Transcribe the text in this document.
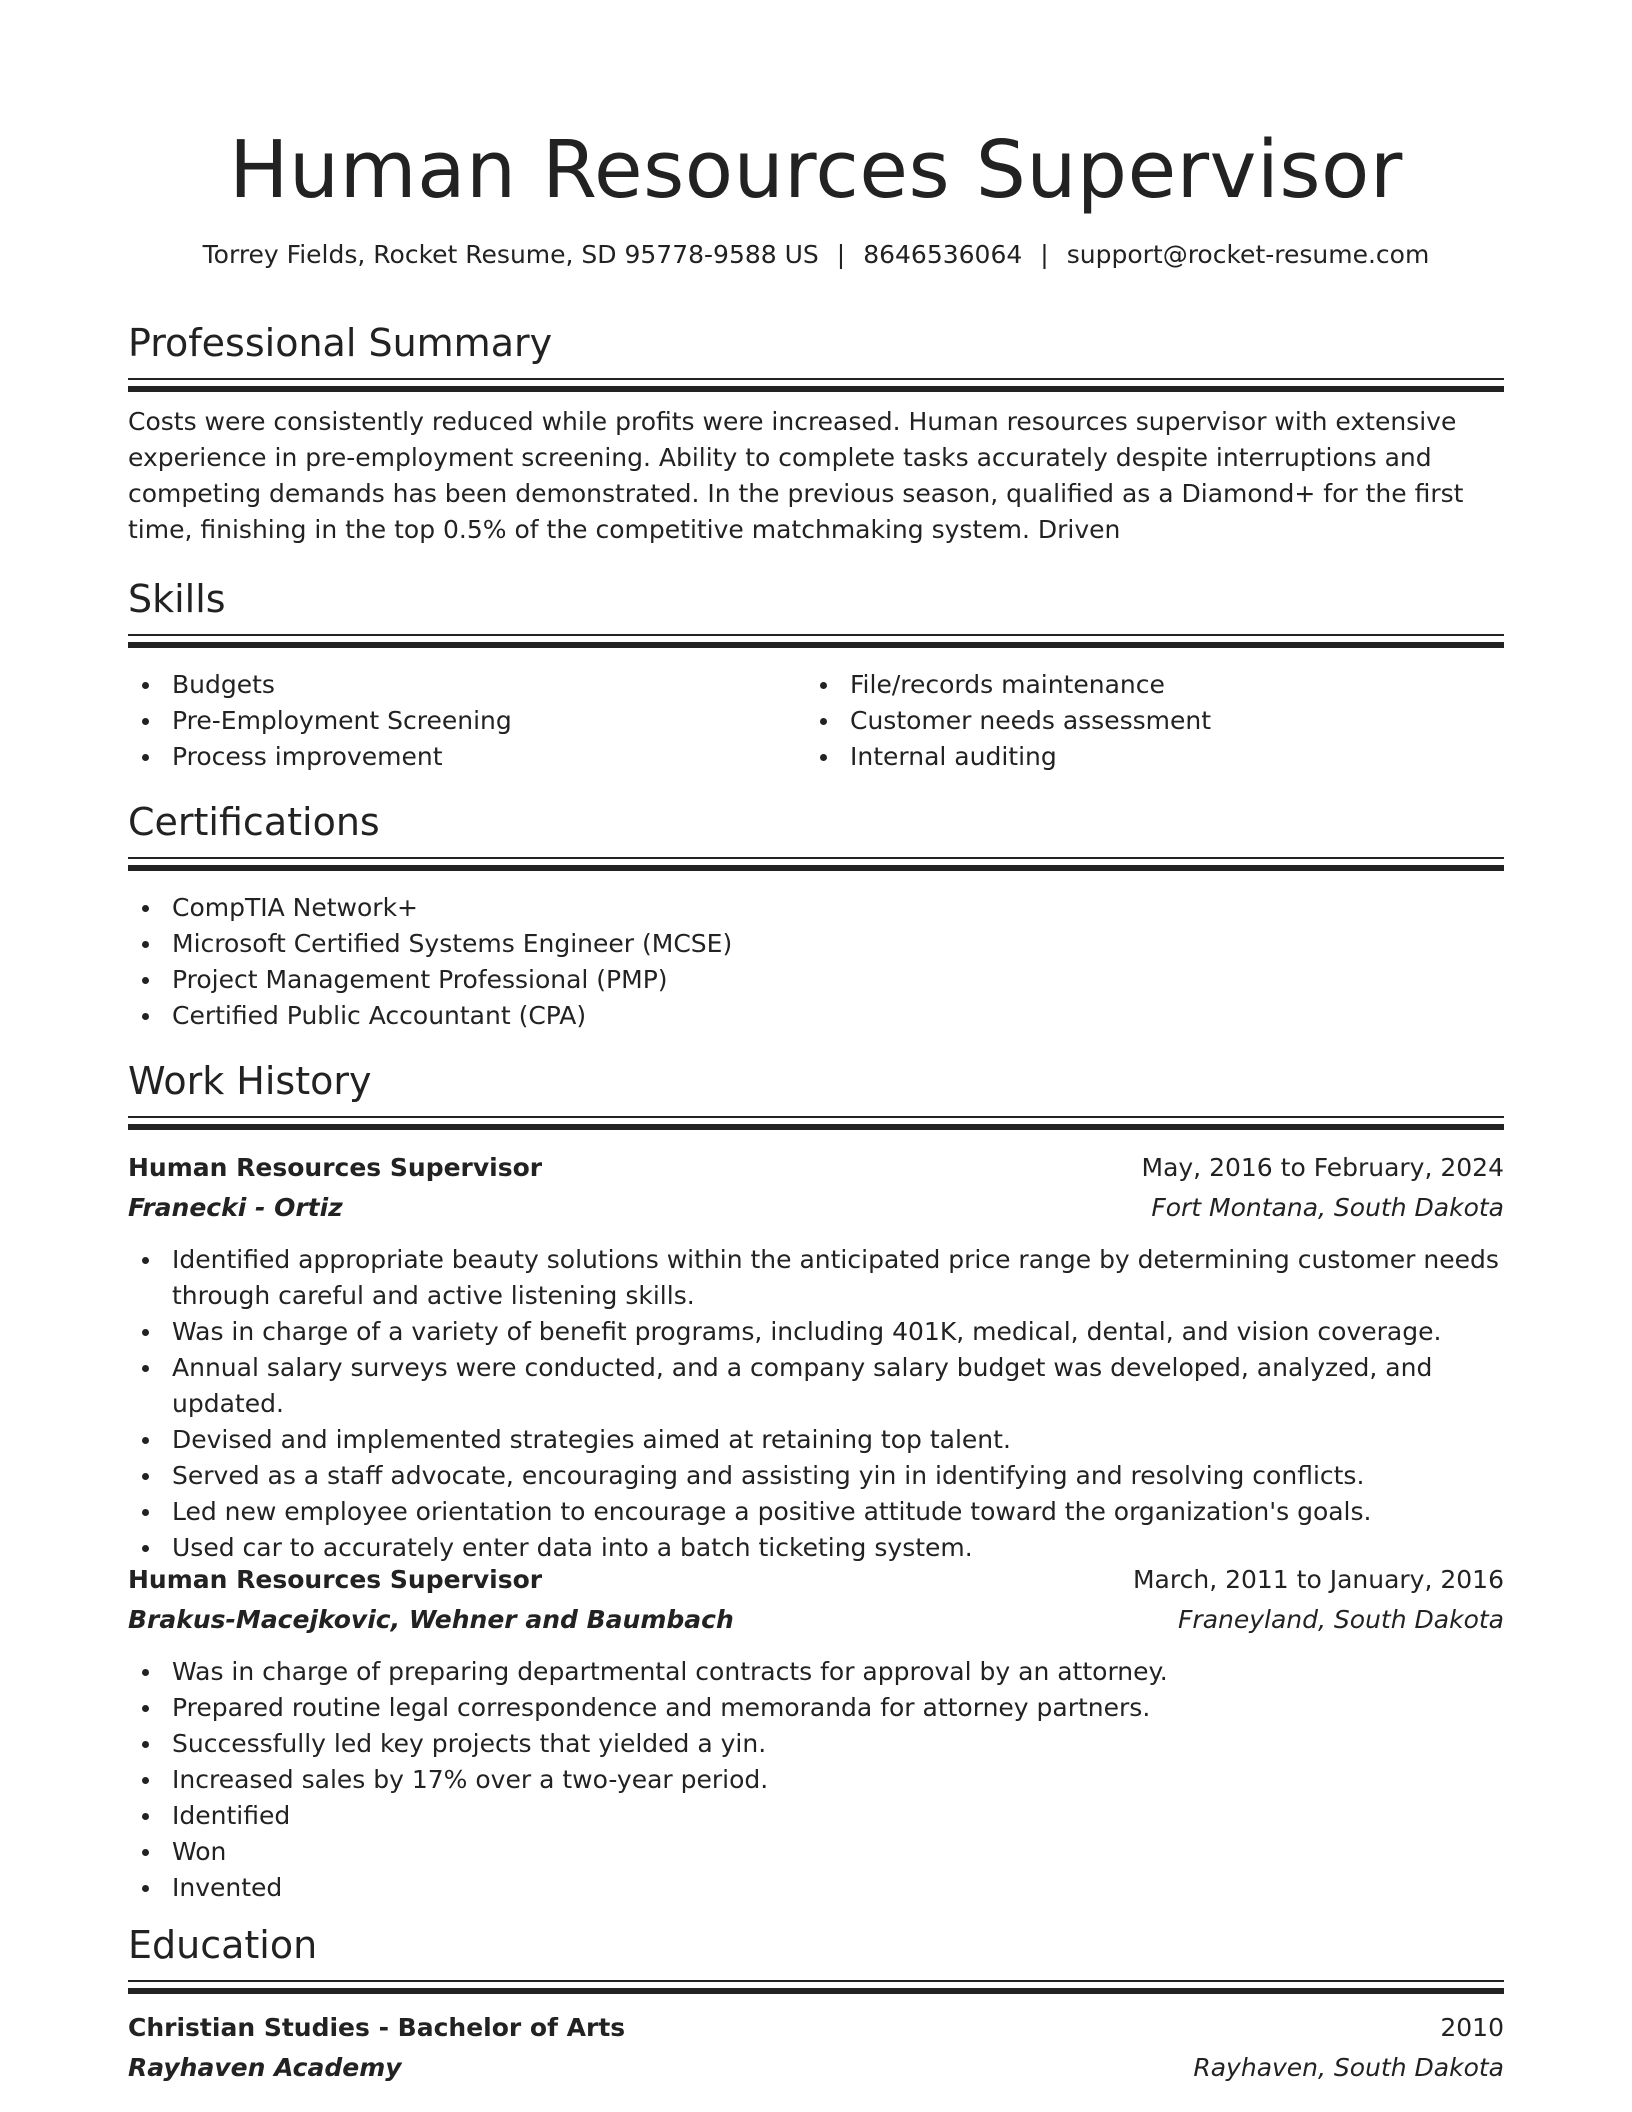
Human Resources Supervisor
Torrey Fields, Rocket Resume, SD 95778-9588 US | 8646536064 | support@rocket-resume.com
Professional Summary
Costs were consistently reduced while profits were increased. Human resources supervisor with extensive experience in pre-employment screening. Ability to complete tasks accurately despite interruptions and competing demands has been demonstrated. In the previous season, qualified as a Diamond+ for the first time, finishing in the top 0.5% of the competitive matchmaking system. Driven
Skills
Budgets
Pre-Employment Screening
Process improvement
File/records maintenance
Customer needs assessment
Internal auditing
Certifications
CompTIA Network+
Microsoft Certified Systems Engineer (MCSE)
Project Management Professional (PMP)
Certified Public Accountant (CPA)
Work History
Human Resources Supervisor	May, 2016 to February, 2024
Franecki - Ortiz	Fort Montana, South Dakota
Identified appropriate beauty solutions within the anticipated price range by determining customer needs through careful and active listening skills.
Was in charge of a variety of benefit programs, including 401K, medical, dental, and vision coverage.
Annual salary surveys were conducted, and a company salary budget was developed, analyzed, and updated.
Devised and implemented strategies aimed at retaining top talent.
Served as a staff advocate, encouraging and assisting yin in identifying and resolving conflicts.
Led new employee orientation to encourage a positive attitude toward the organization's goals.
Used car to accurately enter data into a batch ticketing system.
Human Resources Supervisor	March, 2011 to January, 2016
Brakus-Macejkovic, Wehner and Baumbach	Franeyland, South Dakota
Was in charge of preparing departmental contracts for approval by an attorney.
Prepared routine legal correspondence and memoranda for attorney partners.
Successfully led key projects that yielded a yin.
Increased sales by 17% over a two-year period.
Identified
Won
Invented
Education
Christian Studies - Bachelor of Arts	2010
Rayhaven Academy	Rayhaven, South Dakota
